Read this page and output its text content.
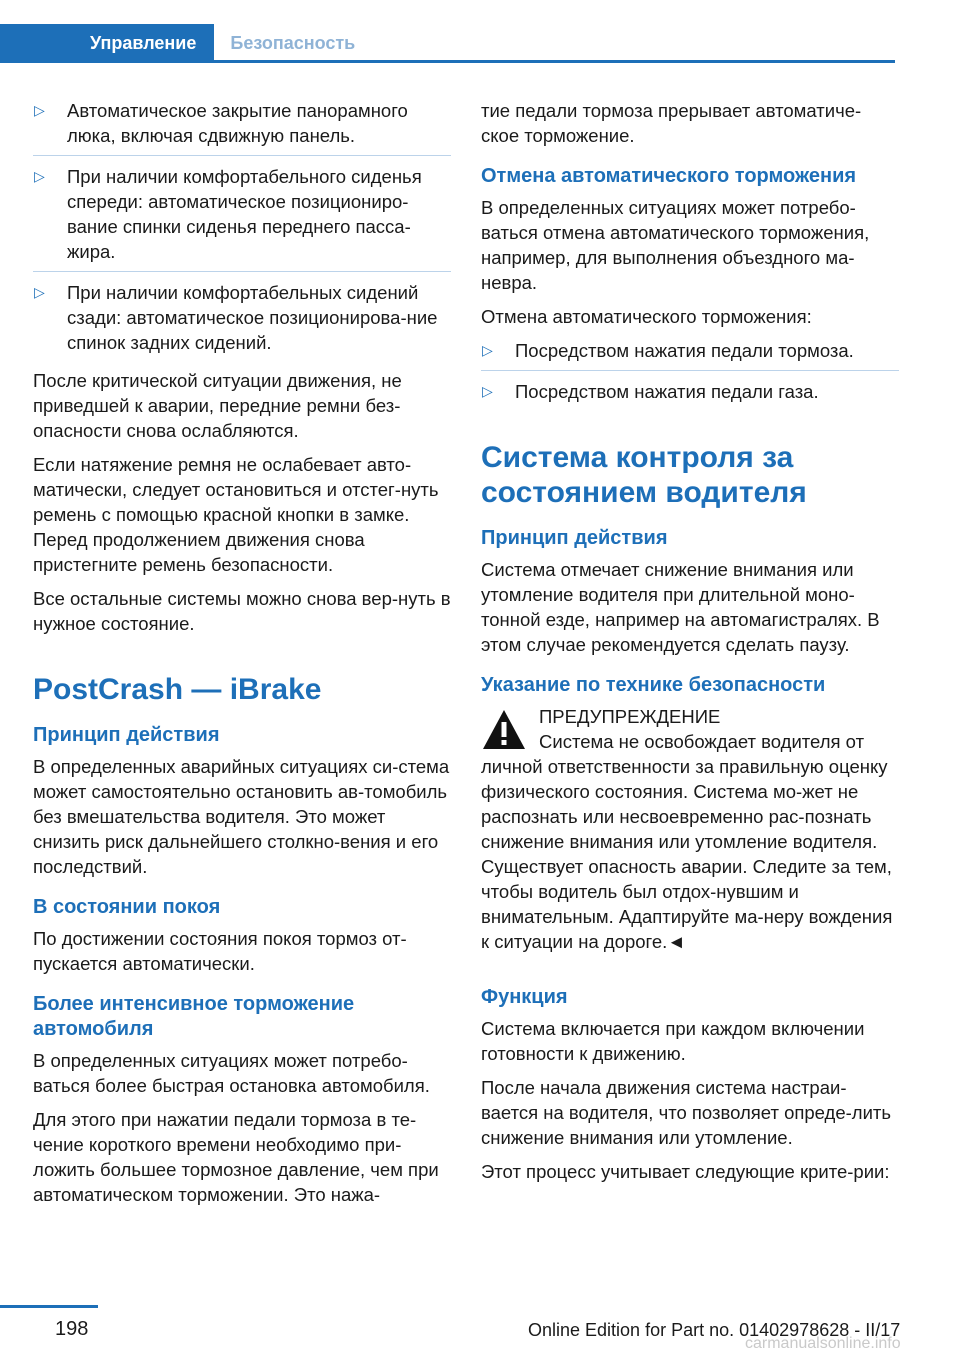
Управление	Безопасность
▷	Автоматическое закрытие панорамного люка, включая сдвижную панель.
▷	При наличии комфортабельного сиденья спереди: автоматическое позициониро-вание спинки сиденья переднего пасса-жира.
▷	При наличии комфортабельных сидений сзади: автоматическое позиционирова-ние спинок задних сидений.

После критической ситуации движения, не приведшей к аварии, передние ремни без-опасности снова ослабляются.

Если натяжение ремня не ослабевает авто-матически, следует остановиться и отстег-нуть ремень с помощью красной кнопки в замке. Перед продолжением движения снова пристегните ремень безопасности.

Все остальные системы можно снова вер-нуть в нужное состояние.

PostCrash — iBrake
Принцип действия

В определенных аварийных ситуациях си-стема может самостоятельно остановить ав-томобиль без вмешательства водителя. Это может снизить риск дальнейшего столкно-вения и его последствий.

В состоянии покоя

По достижении состояния покоя тормоз от-пускается автоматически.

Более интенсивное торможение автомобиля

В определенных ситуациях может потребо-ваться более быстрая остановка автомобиля.

Для этого при нажатии педали тормоза в те-чение короткого времени необходимо при-ложить большее тормозное давление, чем при автоматическом торможении. Это нажа-

тие педали тормоза прерывает автоматиче-ское торможение.

Отмена автоматического торможения

В определенных ситуациях может потребо-ваться отмена автоматического торможения, например, для выполнения объездного ма-невра.

Отмена автоматического торможения:

▷	Посредством нажатия педали тормоза.
▷	Посредством нажатия педали газа.
Система контроля за состоянием водителя
Принцип действия

Система отмечает снижение внимания или утомление водителя при длительной моно-тонной езде, например на автомагистралях. В этом случае рекомендуется сделать паузу.

Указание по технике безопасности
ПРЕДУПРЕЖДЕНИЕ
Система не освобождает водителя от

личной ответственности за правильную оценку физического состояния. Система мо-жет не распознать или несвоевременно рас-познать снижение внимания или утомление водителя. Существует опасность аварии. Следите за тем, чтобы водитель был отдох-нувшим и внимательным. Адаптируйте ма-неру вождения к ситуации на дороге.◄

Функция

Система включается при каждом включении готовности к движению.

После начала движения система настраи-вается на водителя, что позволяет опреде-лить снижение внимания или утомление.

Этот процесс учитывает следующие крите-рии:

198	Online Edition for Part no. 01402978628 - II/17
carmanualsonline.info
